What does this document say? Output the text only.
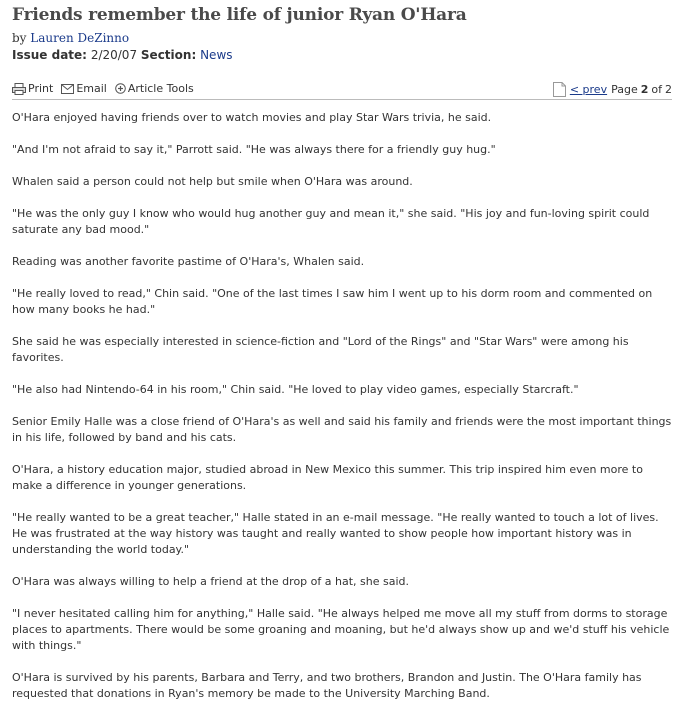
Friends remember the life of junior Ryan O'Hara
by Lauren DeZinno
Issue date: 2/20/07 Section: News
Print Email Article Tools	< prev Page 2 of 2

O'Hara enjoyed having friends over to watch movies and play Star Wars trivia, he said.

"And I'm not afraid to say it," Parrott said. "He was always there for a friendly guy hug."

Whalen said a person could not help but smile when O'Hara was around.

"He was the only guy I know who would hug another guy and mean it," she said. "His joy and fun-loving spirit could saturate any bad mood."

Reading was another favorite pastime of O'Hara's, Whalen said.

"He really loved to read," Chin said. "One of the last times I saw him I went up to his dorm room and commented on how many books he had."

She said he was especially interested in science-fiction and "Lord of the Rings" and "Star Wars" were among his favorites.

"He also had Nintendo-64 in his room," Chin said. "He loved to play video games, especially Starcraft."

Senior Emily Halle was a close friend of O'Hara's as well and said his family and friends were the most important things in his life, followed by band and his cats.

O'Hara, a history education major, studied abroad in New Mexico this summer. This trip inspired him even more to make a difference in younger generations.

"He really wanted to be a great teacher," Halle stated in an e-mail message. "He really wanted to touch a lot of lives. He was frustrated at the way history was taught and really wanted to show people how important history was in understanding the world today."

O'Hara was always willing to help a friend at the drop of a hat, she said.

"I never hesitated calling him for anything," Halle said. "He always helped me move all my stuff from dorms to storage places to apartments. There would be some groaning and moaning, but he'd always show up and we'd stuff his vehicle with things."

O'Hara is survived by his parents, Barbara and Terry, and two brothers, Brandon and Justin. The O'Hara family has requested that donations in Ryan's memory be made to the University Marching Band.
